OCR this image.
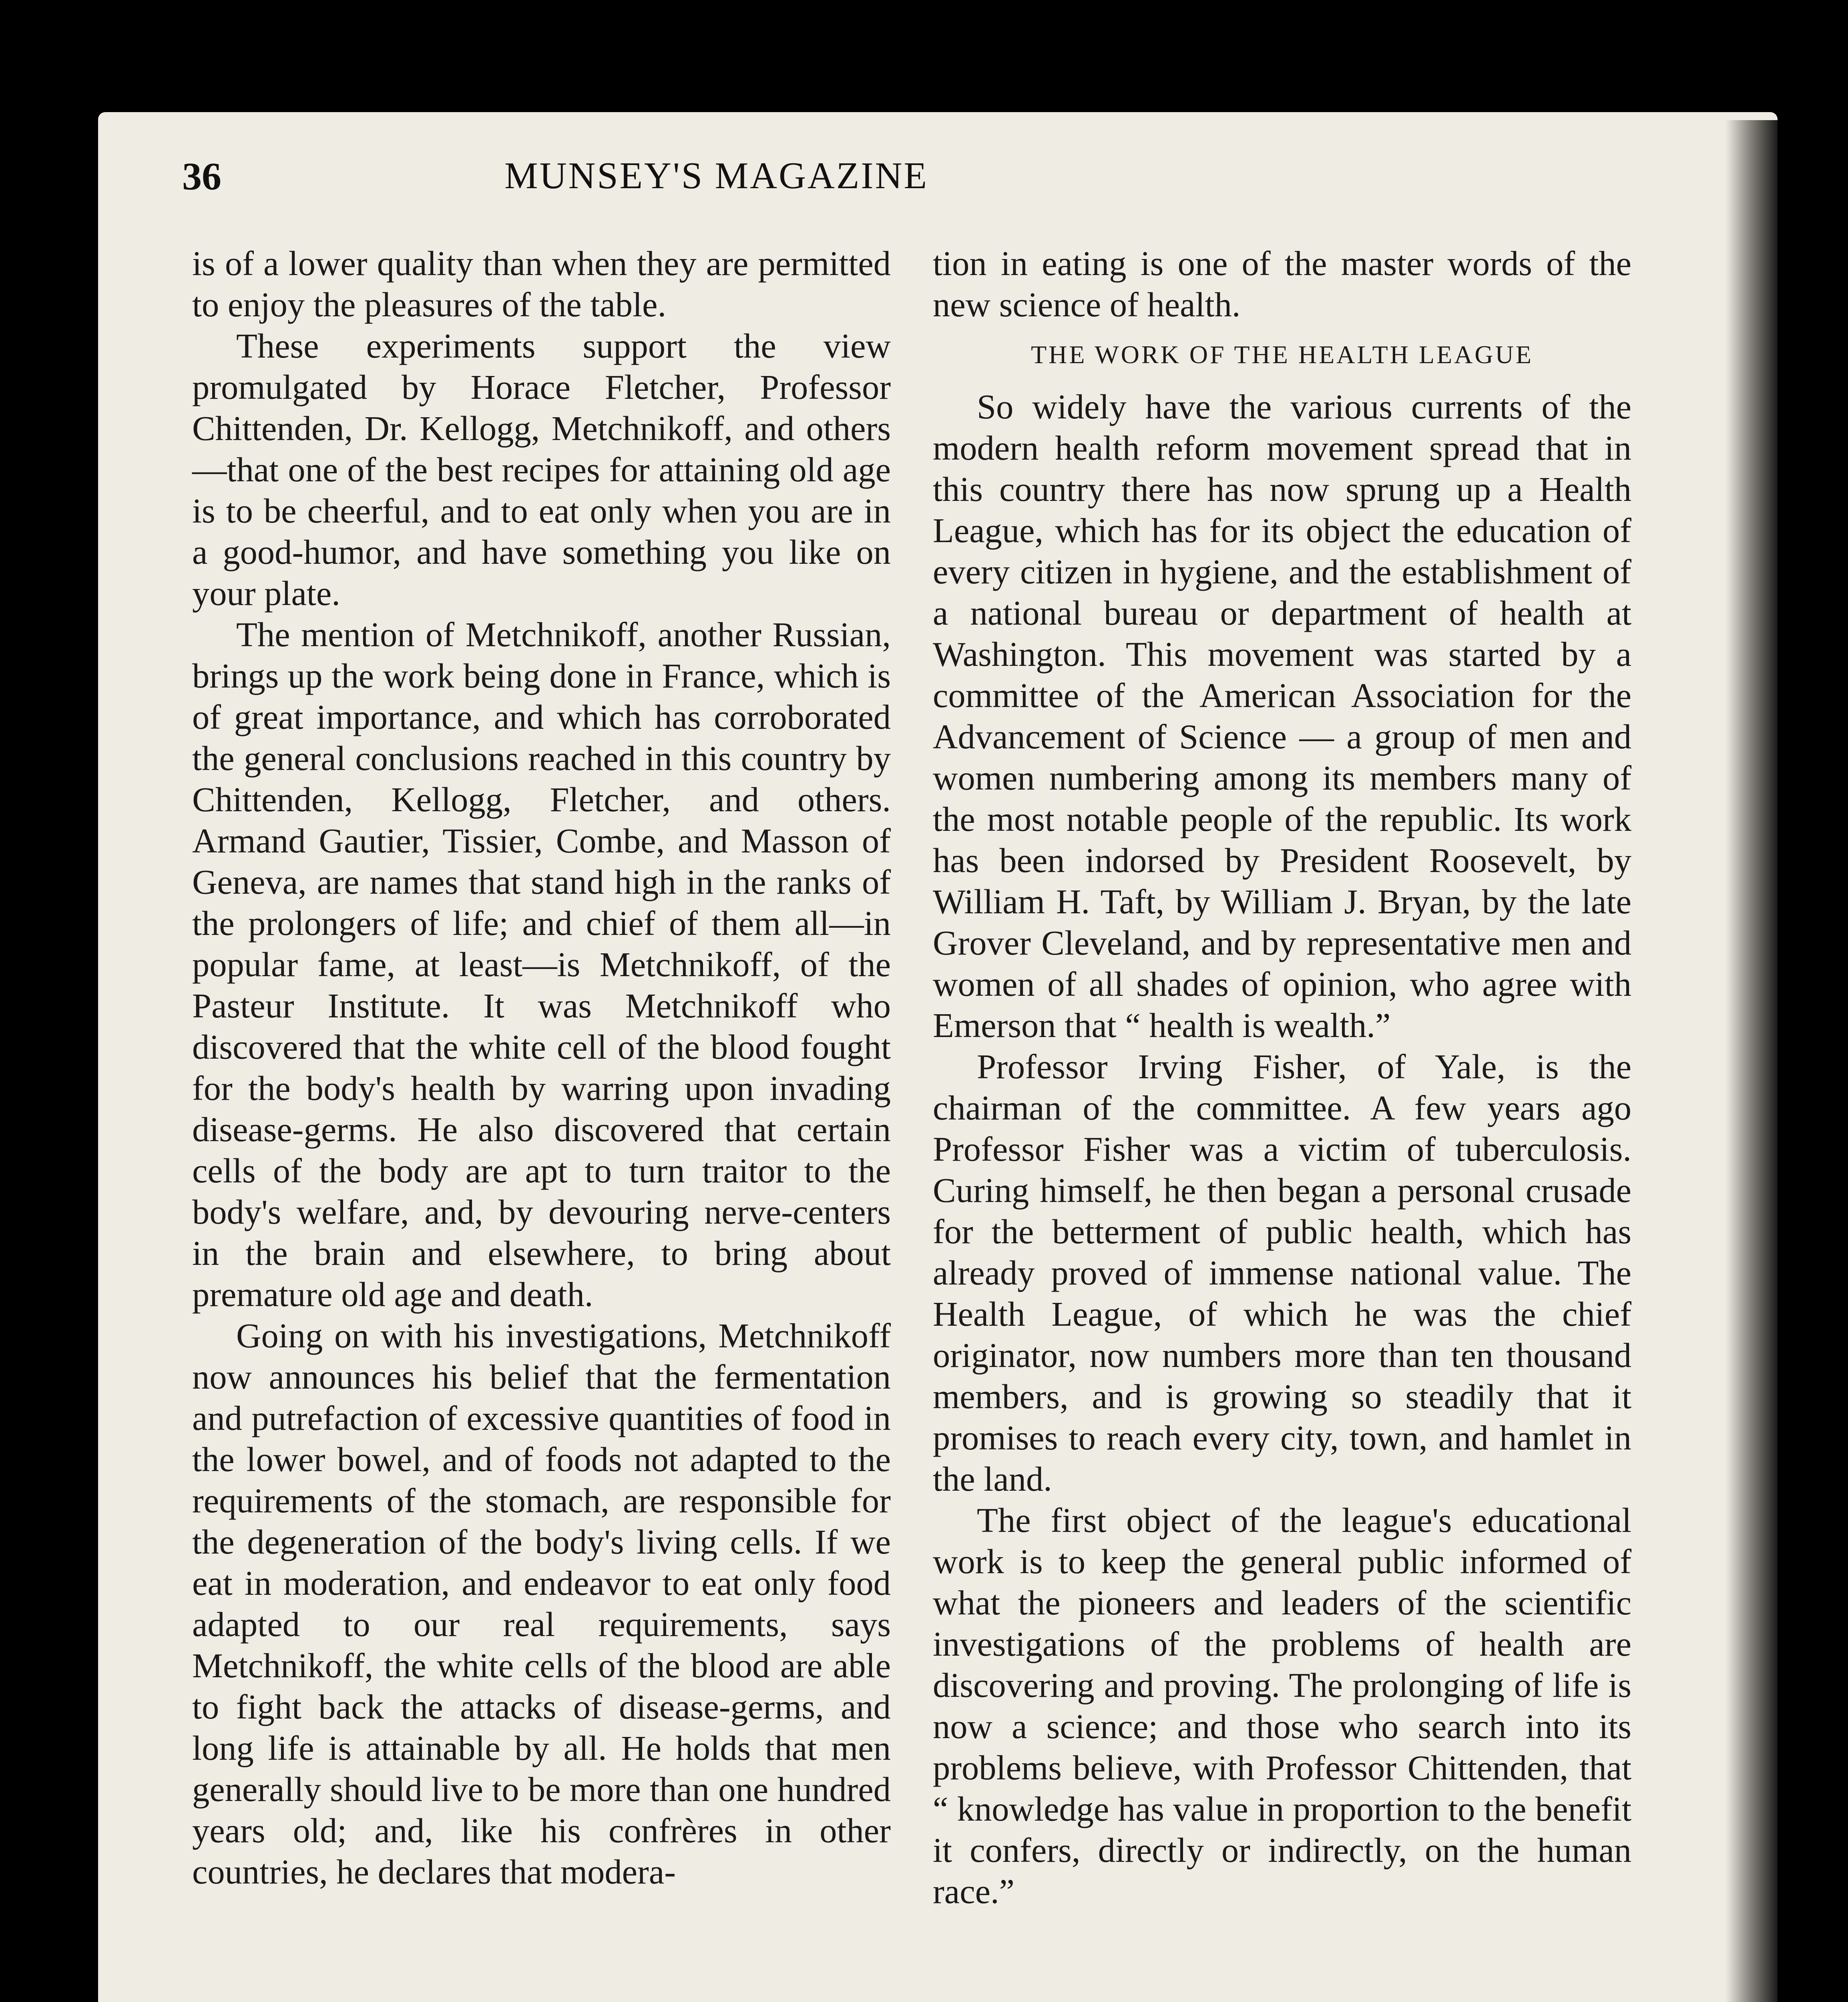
36	MUNSEY'S MAGAZINE

is of a lower quality than when they are permitted to enjoy the pleasures of the table.

These experiments support the view promulgated by Horace Fletcher, Professor Chittenden, Dr. Kellogg, Metchnikoff, and others—that one of the best recipes for attaining old age is to be cheerful, and to eat only when you are in a good-humor, and have something you like on your plate.

The mention of Metchnikoff, another Russian, brings up the work being done in France, which is of great importance, and which has corroborated the general conclusions reached in this country by Chittenden, Kellogg, Fletcher, and others. Armand Gautier, Tissier, Combe, and Masson of Geneva, are names that stand high in the ranks of the prolongers of life; and chief of them all—in popular fame, at least—is Metchnikoff, of the Pasteur Institute. It was Metchnikoff who discovered that the white cell of the blood fought for the body's health by warring upon invading disease-germs. He also discovered that certain cells of the body are apt to turn traitor to the body's welfare, and, by devouring nerve-centers in the brain and elsewhere, to bring about premature old age and death.

Going on with his investigations, Metchnikoff now announces his belief that the fermentation and putrefaction of excessive quantities of food in the lower bowel, and of foods not adapted to the requirements of the stomach, are responsible for the degeneration of the body's living cells. If we eat in moderation, and endeavor to eat only food adapted to our real requirements, says Metchnikoff, the white cells of the blood are able to fight back the attacks of disease-germs, and long life is attainable by all. He holds that men generally should live to be more than one hundred years old; and, like his confrères in other countries, he declares that modera-

tion in eating is one of the master words of the new science of health.

THE WORK OF THE HEALTH LEAGUE

So widely have the various currents of the modern health reform movement spread that in this country there has now sprung up a Health League, which has for its object the education of every citizen in hygiene, and the establishment of a national bureau or department of health at Washington. This movement was started by a committee of the American Association for the Advancement of Science — a group of men and women numbering among its members many of the most notable people of the republic. Its work has been indorsed by President Roosevelt, by William H. Taft, by William J. Bryan, by the late Grover Cleveland, and by representative men and women of all shades of opinion, who agree with Emerson that “ health is wealth.”

Professor Irving Fisher, of Yale, is the chairman of the committee. A few years ago Professor Fisher was a victim of tuberculosis. Curing himself, he then began a personal crusade for the betterment of public health, which has already proved of immense national value. The Health League, of which he was the chief originator, now numbers more than ten thousand members, and is growing so steadily that it promises to reach every city, town, and hamlet in the land.

The first object of the league's educational work is to keep the general public informed of what the pioneers and leaders of the scientific investigations of the problems of health are discovering and proving. The prolonging of life is now a science; and those who search into its problems believe, with Professor Chittenden, that “ knowledge has value in proportion to the benefit it confers, directly or indirectly, on the human race.”
